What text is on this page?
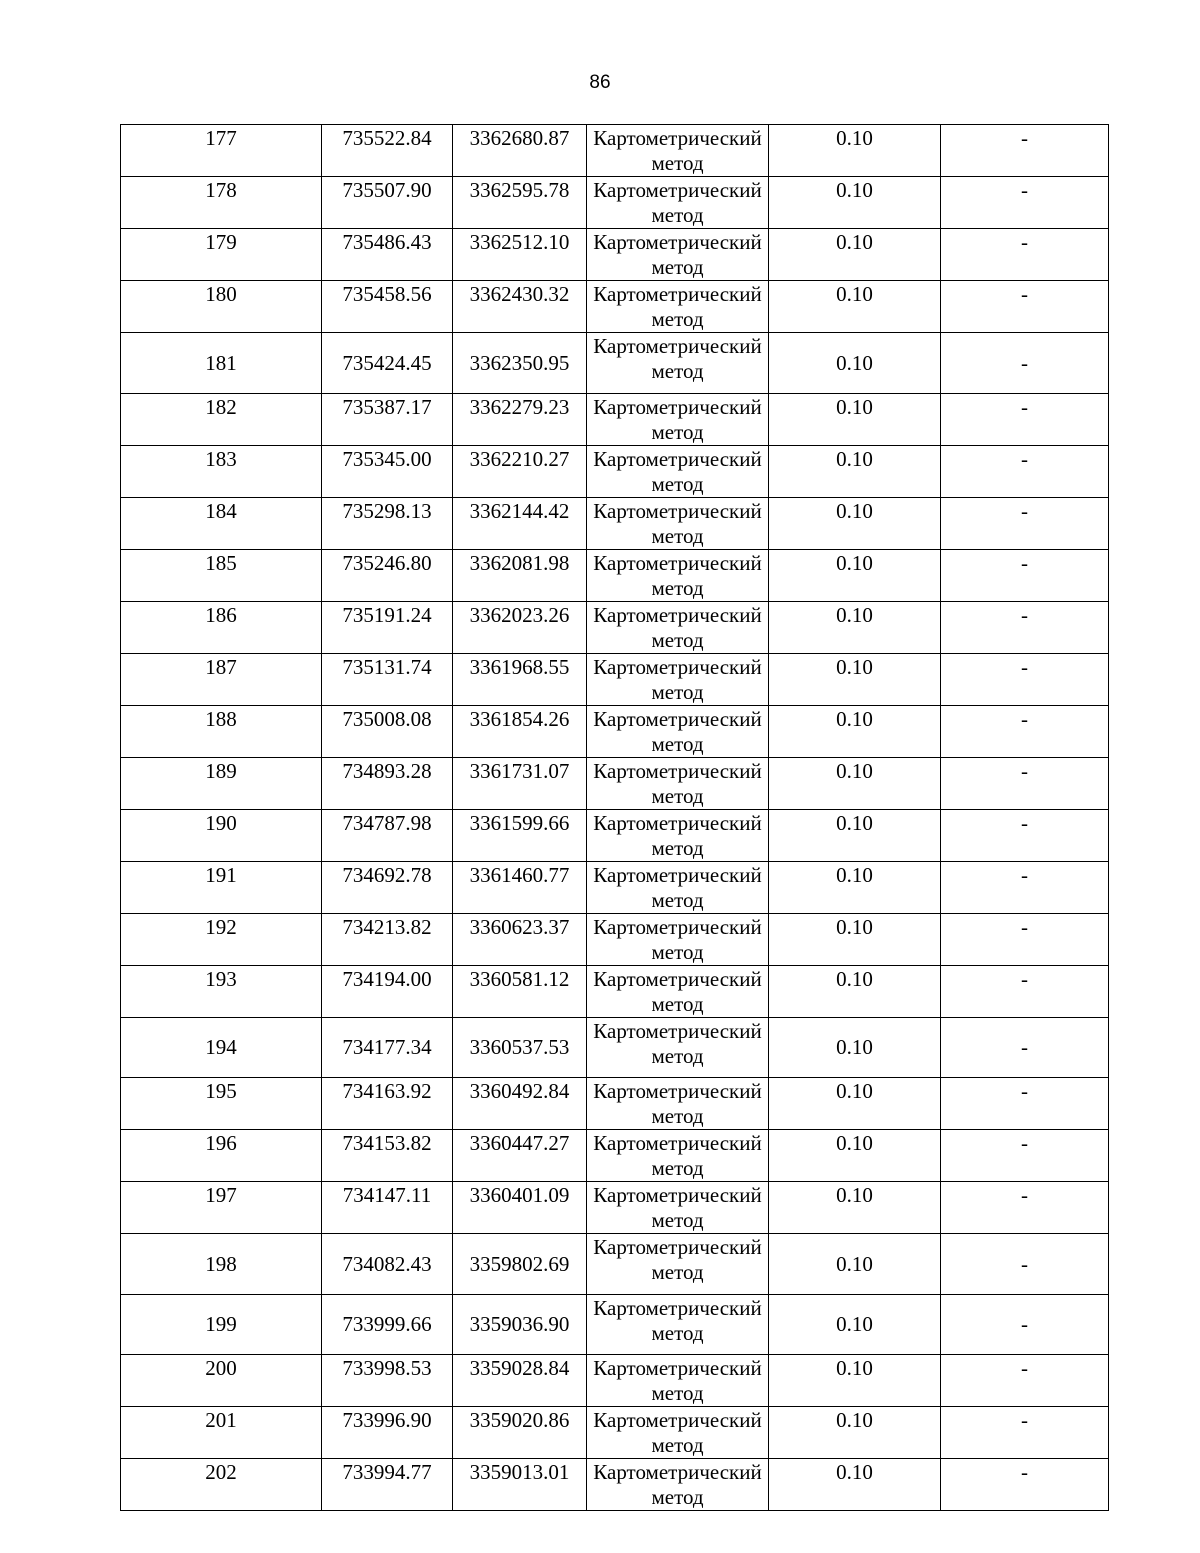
86
177	735522.84	3362680.87	Картометрический метод	0.10	-
178	735507.90	3362595.78	Картометрический метод	0.10	-
179	735486.43	3362512.10	Картометрический метод	0.10	-
180	735458.56	3362430.32	Картометрический метод	0.10	-
181	735424.45	3362350.95	Картометрический метод	0.10	-
182	735387.17	3362279.23	Картометрический метод	0.10	-
183	735345.00	3362210.27	Картометрический метод	0.10	-
184	735298.13	3362144.42	Картометрический метод	0.10	-
185	735246.80	3362081.98	Картометрический метод	0.10	-
186	735191.24	3362023.26	Картометрический метод	0.10	-
187	735131.74	3361968.55	Картометрический метод	0.10	-
188	735008.08	3361854.26	Картометрический метод	0.10	-
189	734893.28	3361731.07	Картометрический метод	0.10	-
190	734787.98	3361599.66	Картометрический метод	0.10	-
191	734692.78	3361460.77	Картометрический метод	0.10	-
192	734213.82	3360623.37	Картометрический метод	0.10	-
193	734194.00	3360581.12	Картометрический метод	0.10	-
194	734177.34	3360537.53	Картометрический метод	0.10	-
195	734163.92	3360492.84	Картометрический метод	0.10	-
196	734153.82	3360447.27	Картометрический метод	0.10	-
197	734147.11	3360401.09	Картометрический метод	0.10	-
198	734082.43	3359802.69	Картометрический метод	0.10	-
199	733999.66	3359036.90	Картометрический метод	0.10	-
200	733998.53	3359028.84	Картометрический метод	0.10	-
201	733996.90	3359020.86	Картометрический метод	0.10	-
202	733994.77	3359013.01	Картометрический метод	0.10	-
